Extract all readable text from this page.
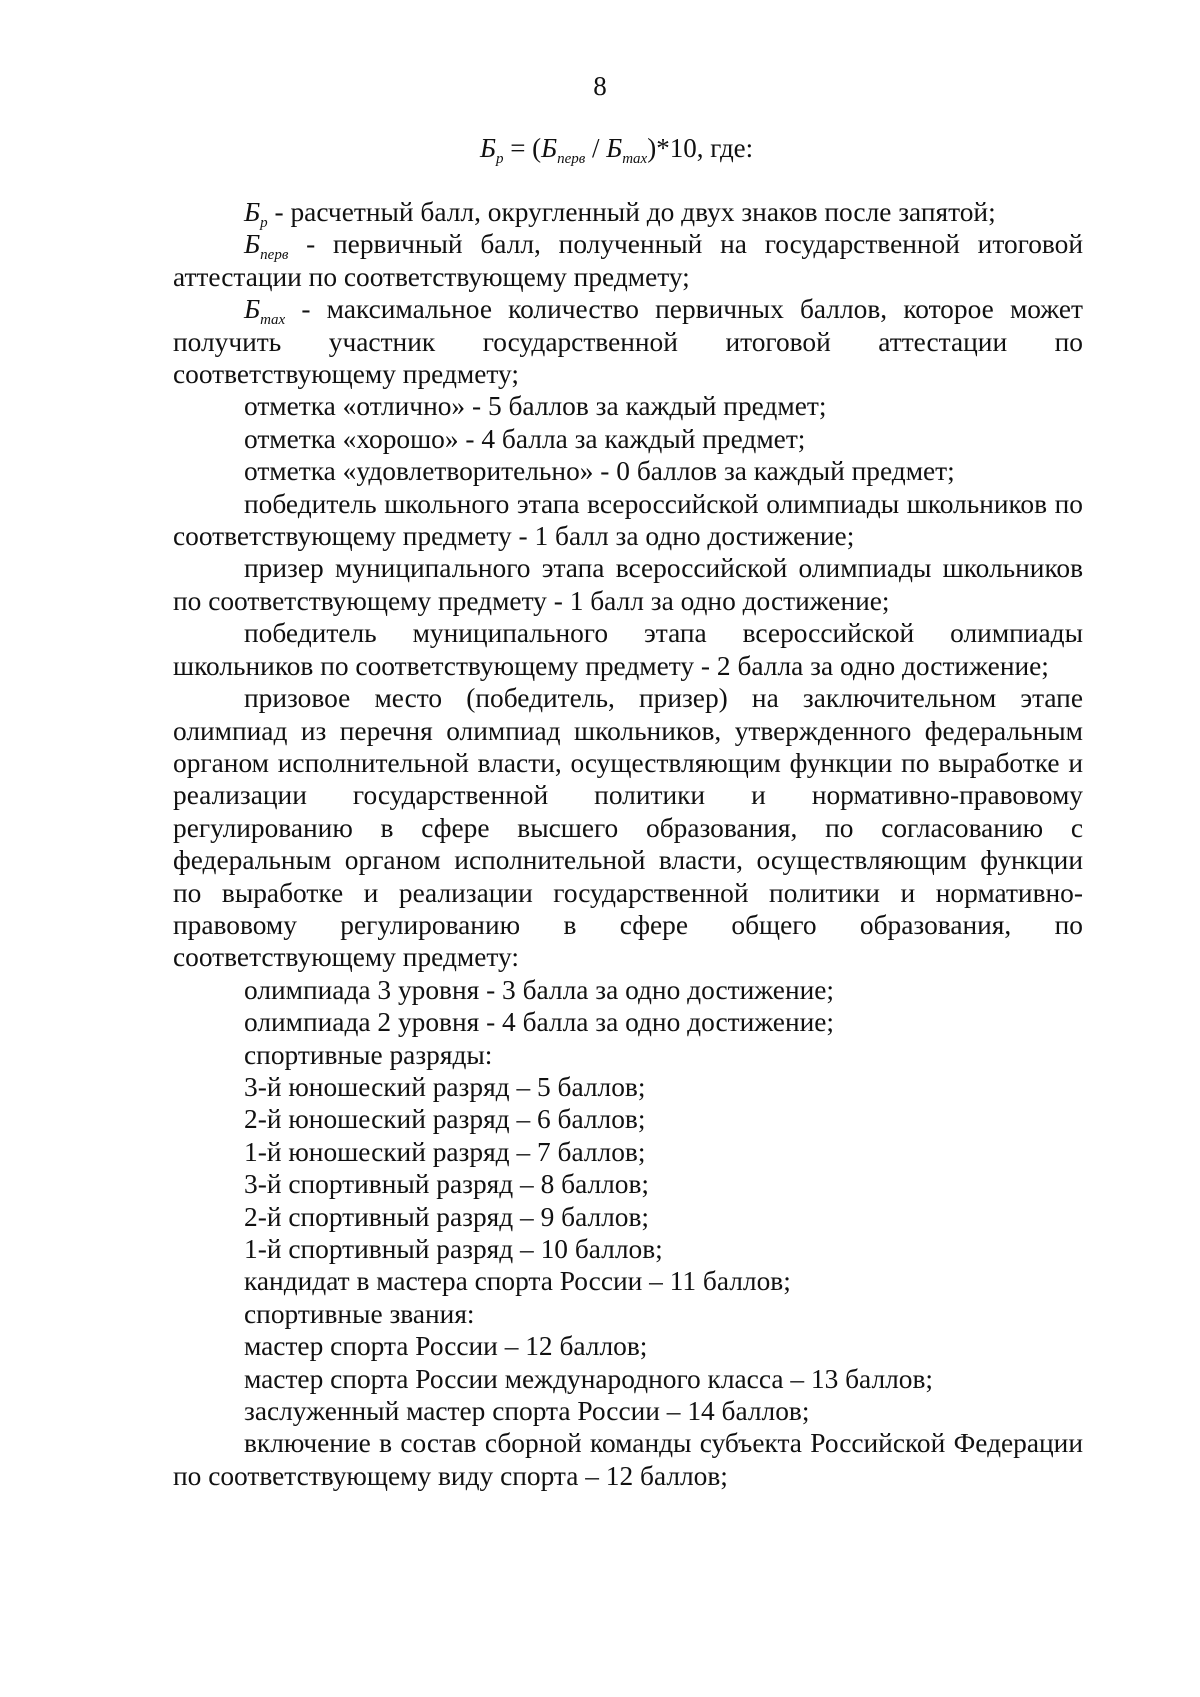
8
$Б_р = (Б_{перв} / Б_{max})*10$, где:

$Б_р$ - расчетный балл, округленный до двух знаков после запятой;

$Б_{перв}$ - первичный балл, полученный на государственной итоговой аттестации по соответствующему предмету;

$Б_{max}$ - максимальное количество первичных баллов, которое может получить участник государственной итоговой аттестации по соответствующему предмету;

отметка «отлично» - 5 баллов за каждый предмет;

отметка «хорошо» - 4 балла за каждый предмет;

отметка «удовлетворительно» - 0 баллов за каждый предмет;

победитель школьного этапа всероссийской олимпиады школьников по соответствующему предмету - 1 балл за одно достижение;

призер муниципального этапа всероссийской олимпиады школьников по соответствующему предмету - 1 балл за одно достижение;

победитель муниципального этапа всероссийской олимпиады школьников по соответствующему предмету - 2 балла за одно достижение;

призовое место (победитель, призер) на заключительном этапе олимпиад из перечня олимпиад школьников, утвержденного федеральным органом исполнительной власти, осуществляющим функции по выработке и реализации государственной политики и нормативно-правовому регулированию в сфере высшего образования, по согласованию с федеральным органом исполнительной власти, осуществляющим функции по выработке и реализации государственной политики и нормативно-правовому регулированию в сфере общего образования, по соответствующему предмету:

олимпиада 3 уровня - 3 балла за одно достижение;

олимпиада 2 уровня - 4 балла за одно достижение;

спортивные разряды:

3-й юношеский разряд – 5 баллов;

2-й юношеский разряд – 6 баллов;

1-й юношеский разряд – 7 баллов;

3-й спортивный разряд – 8 баллов;

2-й спортивный разряд – 9 баллов;

1-й спортивный разряд – 10 баллов;

кандидат в мастера спорта России – 11 баллов;

спортивные звания:

мастер спорта России – 12 баллов;

мастер спорта России международного класса – 13 баллов;

заслуженный мастер спорта России – 14 баллов;

включение в состав сборной команды субъекта Российской Федерации по соответствующему виду спорта – 12 баллов;
